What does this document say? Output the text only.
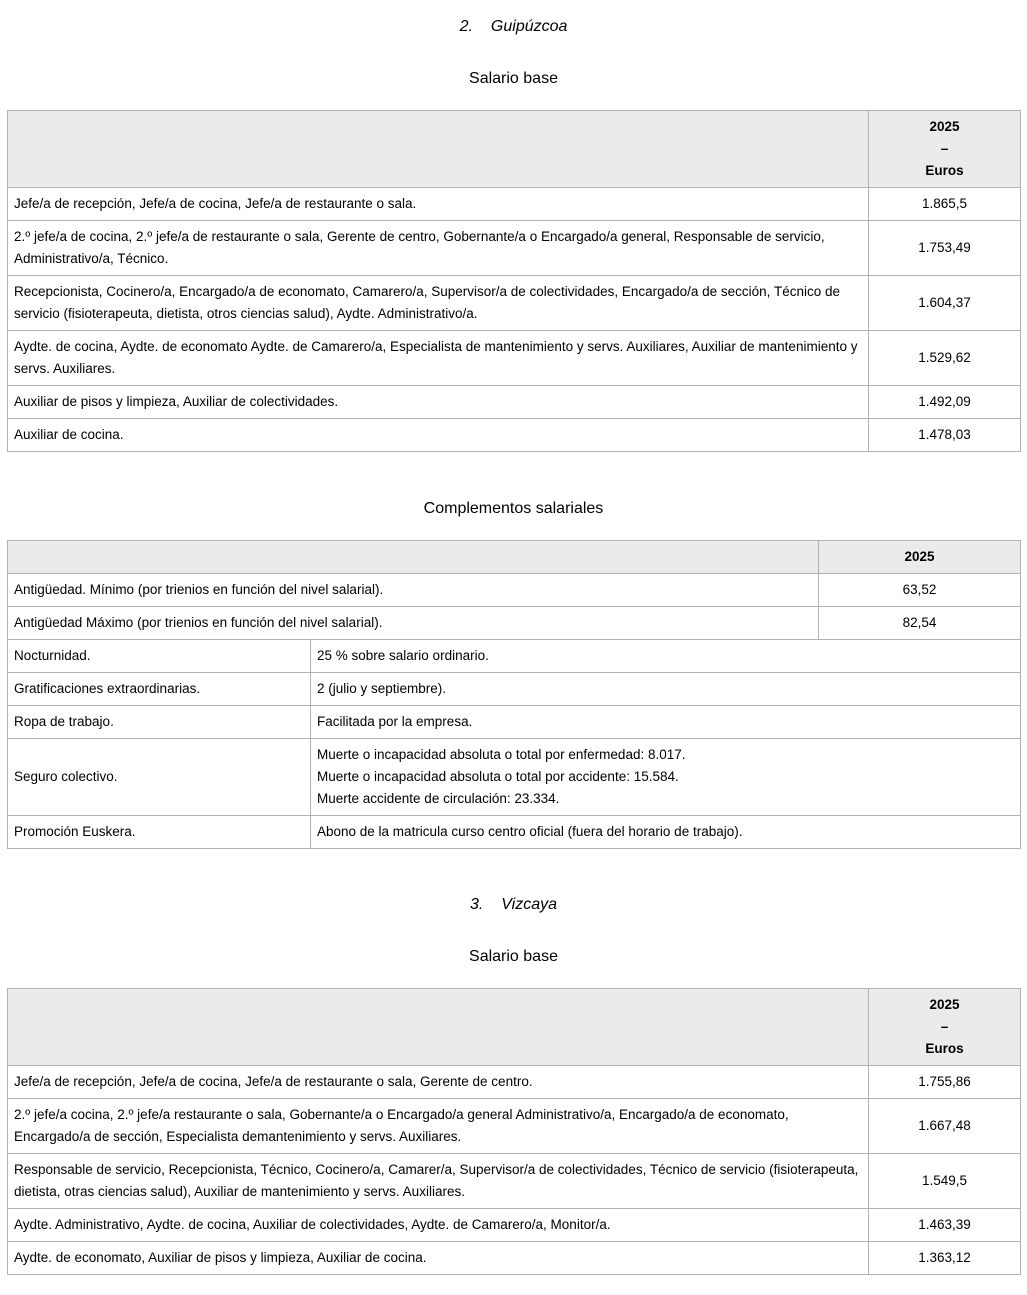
2. Guipúzcoa
Salario base

	2025
–
Euros

Jefe/a de recepción, Jefe/a de cocina, Jefe/a de restaurante o sala.	1.865,5
2.º jefe/a de cocina, 2.º jefe/a de restaurante o sala, Gerente de centro, Gobernante/a o Encargado/a general, Responsable de servicio, Administrativo/a, Técnico.	1.753,49
Recepcionista, Cocinero/a, Encargado/a de economato, Camarero/a, Supervisor/a de colectividades, Encargado/a de sección, Técnico de servicio (fisioterapeuta, dietista, otros ciencias salud), Aydte. Administrativo/a.	1.604,37
Aydte. de cocina, Aydte. de economato Aydte. de Camarero/a, Especialista de mantenimiento y servs. Auxiliares, Auxiliar de mantenimiento y servs. Auxiliares.	1.529,62
Auxiliar de pisos y limpieza, Auxiliar de colectividades.	1.492,09
Auxiliar de cocina.	1.478,03
Complementos salariales
		2025
Antigüedad. Mínimo (por trienios en función del nivel salarial).		63,52
Antigüedad Máximo (por trienios en función del nivel salarial).		82,54
Nocturnidad.	25 % sobre salario ordinario.	
Gratificaciones extraordinarias.	2 (julio y septiembre).	
Ropa de trabajo.	Facilitada por la empresa.	
Seguro colectivo.	Muerte o incapacidad absoluta o total por enfermedad: 8.017.
Muerte o incapacidad absoluta o total por accidente: 15.584.
Muerte accidente de circulación: 23.334.	

Promoción Euskera.	Abono de la matricula curso centro oficial (fuera del horario de trabajo).	
3. Vizcaya
Salario base

	2025
–
Euros

Jefe/a de recepción, Jefe/a de cocina, Jefe/a de restaurante o sala, Gerente de centro.	1.755,86
2.º jefe/a cocina, 2.º jefe/a restaurante o sala, Gobernante/a o Encargado/a general Administrativo/a, Encargado/a de economato, Encargado/a de sección, Especialista demantenimiento y servs. Auxiliares.	1.667,48
Responsable de servicio, Recepcionista, Técnico, Cocinero/a, Camarer/a, Supervisor/a de colectividades, Técnico de servicio (fisioterapeuta, dietista, otras ciencias salud), Auxiliar de mantenimiento y servs. Auxiliares.	1.549,5
Aydte. Administrativo, Aydte. de cocina, Auxiliar de colectividades, Aydte. de Camarero/a, Monitor/a.	1.463,39
Aydte. de economato, Auxiliar de pisos y limpieza, Auxiliar de cocina.	1.363,12
